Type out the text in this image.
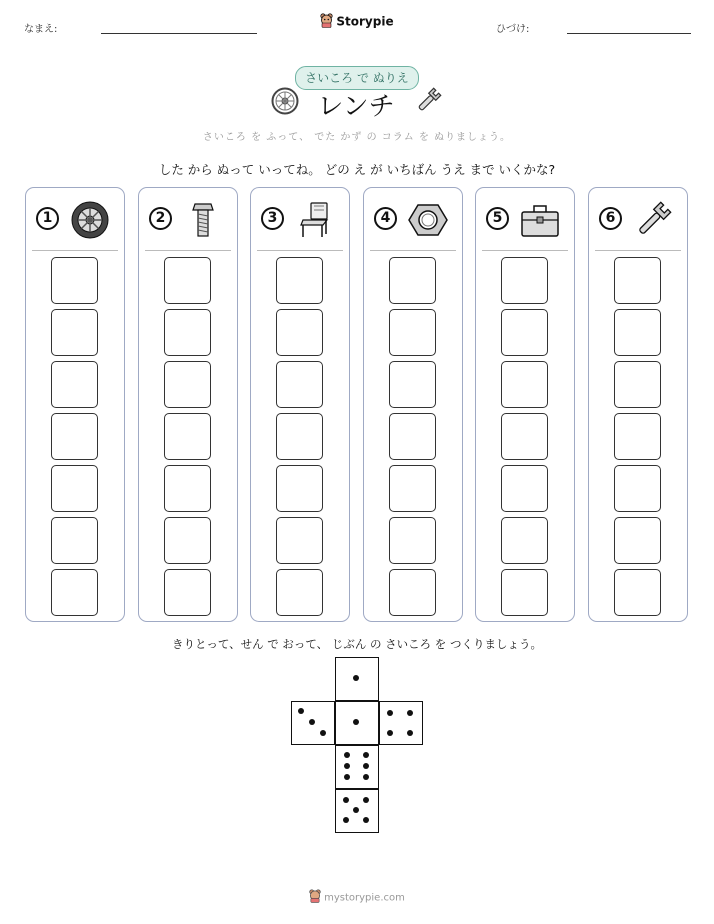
なまえ:
Storypie
ひづけ:
さいころ で ぬりえ
レンチ
さいころ を ふって、 でた かず の コラム を ぬりましょう。
した から ぬって いってね。 どの え が いちばん うえ まで いくかな?
1	2	3	4	5	6
きりとって、せん で おって、 じぶん の さいころ を つくりましょう。
mystorypie.com
